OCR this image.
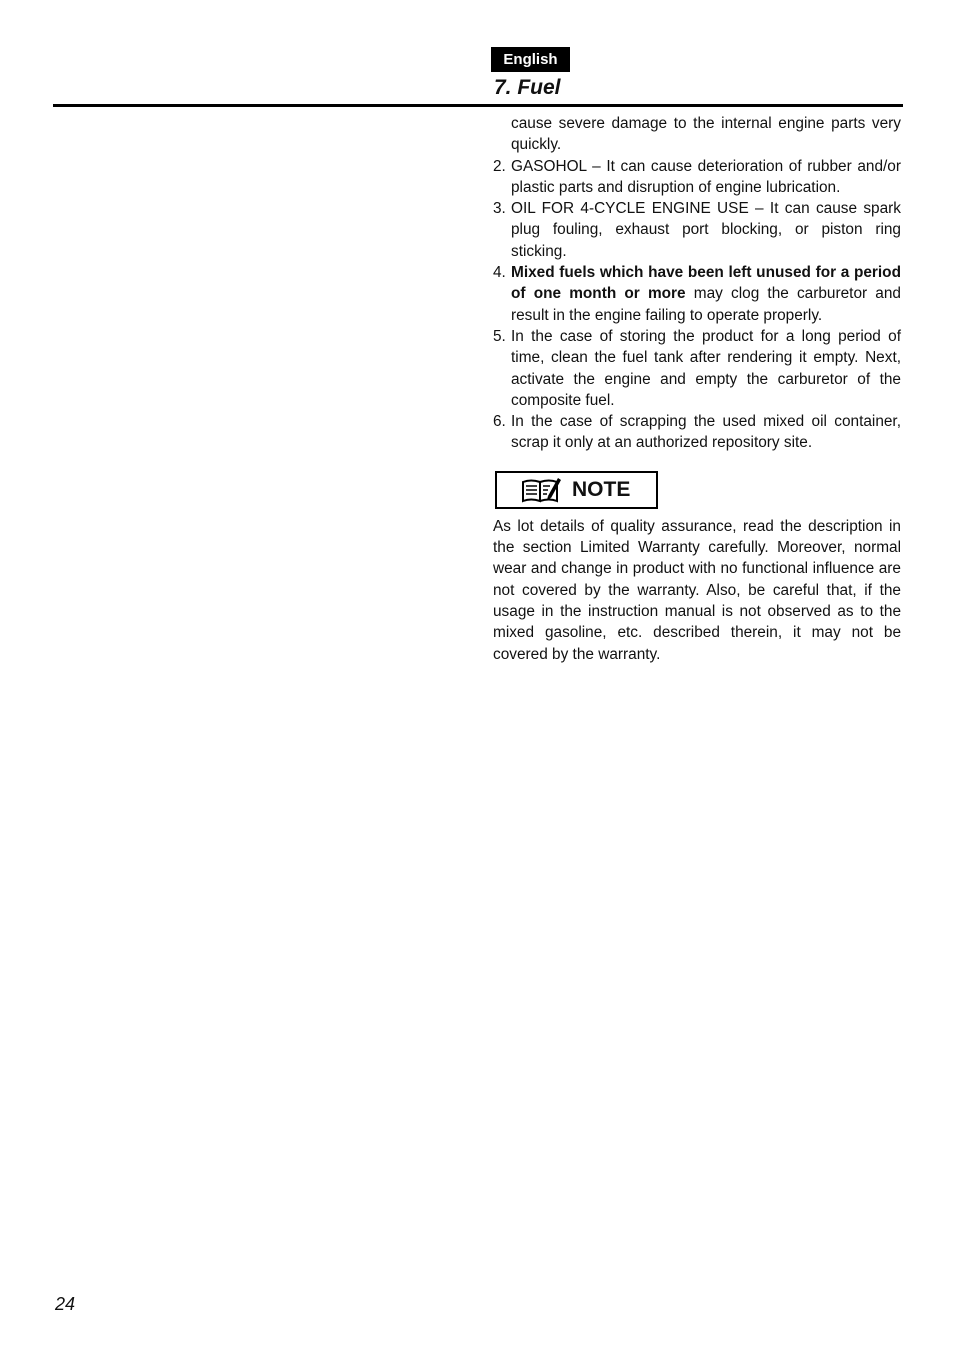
English
7. Fuel
cause severe damage to the internal engine parts very quickly.
2. GASOHOL – It can cause deterioration of rubber and/or plastic parts and disruption of engine lubrication.
3. OIL FOR 4-CYCLE ENGINE USE – It can cause spark plug fouling, exhaust port blocking, or piston ring sticking.
4. Mixed fuels which have been left unused for a period of one month or more may clog the carburetor and result in the engine failing to operate properly.
5. In the case of storing the product for a long period of time, clean the fuel tank after rendering it empty. Next, activate the engine and empty the carburetor of the composite fuel.
6. In the case of scrapping the used mixed oil container, scrap it only at an authorized repository site.
NOTE

As lot details of quality assurance, read the description in the section Limited Warranty carefully. Moreover, normal wear and change in product with no functional influence are not covered by the warranty. Also, be careful that, if the usage in the instruction manual is not observed as to the mixed gasoline, etc. described therein, it may not be covered by the warranty.

24
